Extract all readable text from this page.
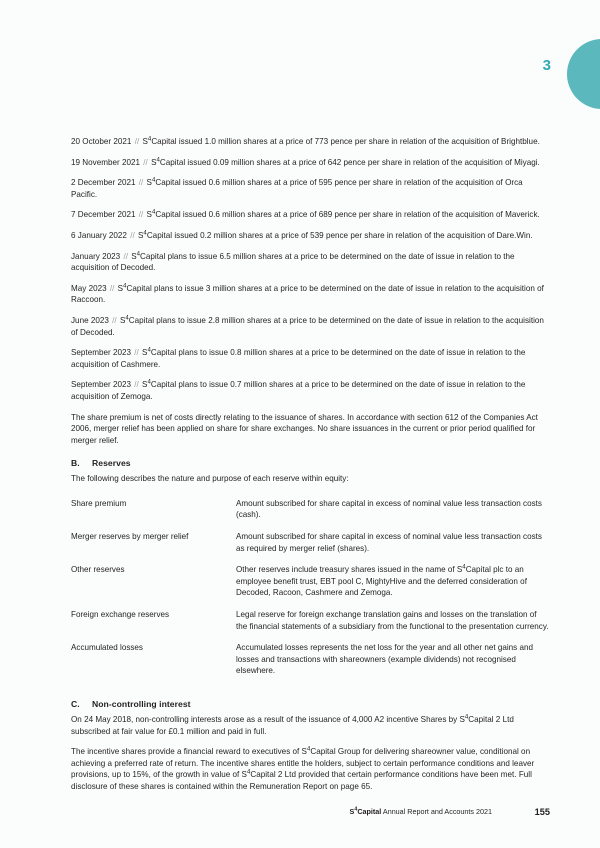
3

20 October $2021 // S^4Capital$ issued 1.0 million shares at a price of 773 pence per share in relation of the acquisition of Brightblue.

19 November $2021 // S^4Capital$ issued 0.09 million shares at a price of 642 pence per share in relation of the acquisition of Miyagi.

2 December $2021 // S^4Capital$ issued 0.6 million shares at a price of 595 pence per share in relation of the acquisition of Orca Pacific.

7 December $2021 // S^4Capital$ issued 0.6 million shares at a price of 689 pence per share in relation of the acquisition of Maverick.

6 January $2022 // S^4Capital$ issued 0.2 million shares at a price of 539 pence per share in relation of the acquisition of Dare.Win.

January $2023 // S^4Capital$ plans to issue 6.5 million shares at a price to be determined on the date of issue in relation to the acquisition of Decoded.

May $2023 // S^4Capital$ plans to issue 3 million shares at a price to be determined on the date of issue in relation to the acquisition of Raccoon.

June $2023 // S^4Capital$ plans to issue 2.8 million shares at a price to be determined on the date of issue in relation to the acquisition of Decoded.

September $2023 // S^4Capital$ plans to issue 0.8 million shares at a price to be determined on the date of issue in relation to the acquisition of Cashmere.

September $2023 // S^4Capital$ plans to issue 0.7 million shares at a price to be determined on the date of issue in relation to the acquisition of Zemoga.

The share premium is net of costs directly relating to the issuance of shares. In accordance with section 612 of the Companies Act 2006, merger relief has been applied on share for share exchanges. No share issuances in the current or prior period qualified for merger relief.

B. Reserves

The following describes the nature and purpose of each reserve within equity:

Share premium	Amount subscribed for share capital in excess of nominal value less transaction costs (cash).
Merger reserves by merger relief	Amount subscribed for share capital in excess of nominal value less transaction costs as required by merger relief (shares).
Other reserves	Other reserves include treasury shares issued in the name of $S^4Capital$ plc to an employee benefit trust, EBT pool C, MightyHive and the deferred consideration of Decoded, Racoon, Cashmere and Zemoga.
Foreign exchange reserves	Legal reserve for foreign exchange translation gains and losses on the translation of the financial statements of a subsidiary from the functional to the presentation currency.
Accumulated losses	Accumulated losses represents the net loss for the year and all other net gains and losses and transactions with shareowners (example dividends) not recognised elsewhere.
C. Non-controlling interest

On 24 May 2018, non-controlling interests arose as a result of the issuance of 4,000 A2 incentive Shares by $S^4Capital$ 2 Ltd subscribed at fair value for £0.1 million and paid in full.

The incentive shares provide a financial reward to executives of $S^4Capital$ Group for delivering shareowner value, conditional on achieving a preferred rate of return. The incentive shares entitle the holders, subject to certain performance conditions and leaver provisions, up to 15%, of the growth in value of $S^4Capital$ 2 Ltd provided that certain performance conditions have been met. Full disclosure of these shares is contained within the Remuneration Report on page 65.

$S^4Capital$ Annual Report and Accounts 2021	155
